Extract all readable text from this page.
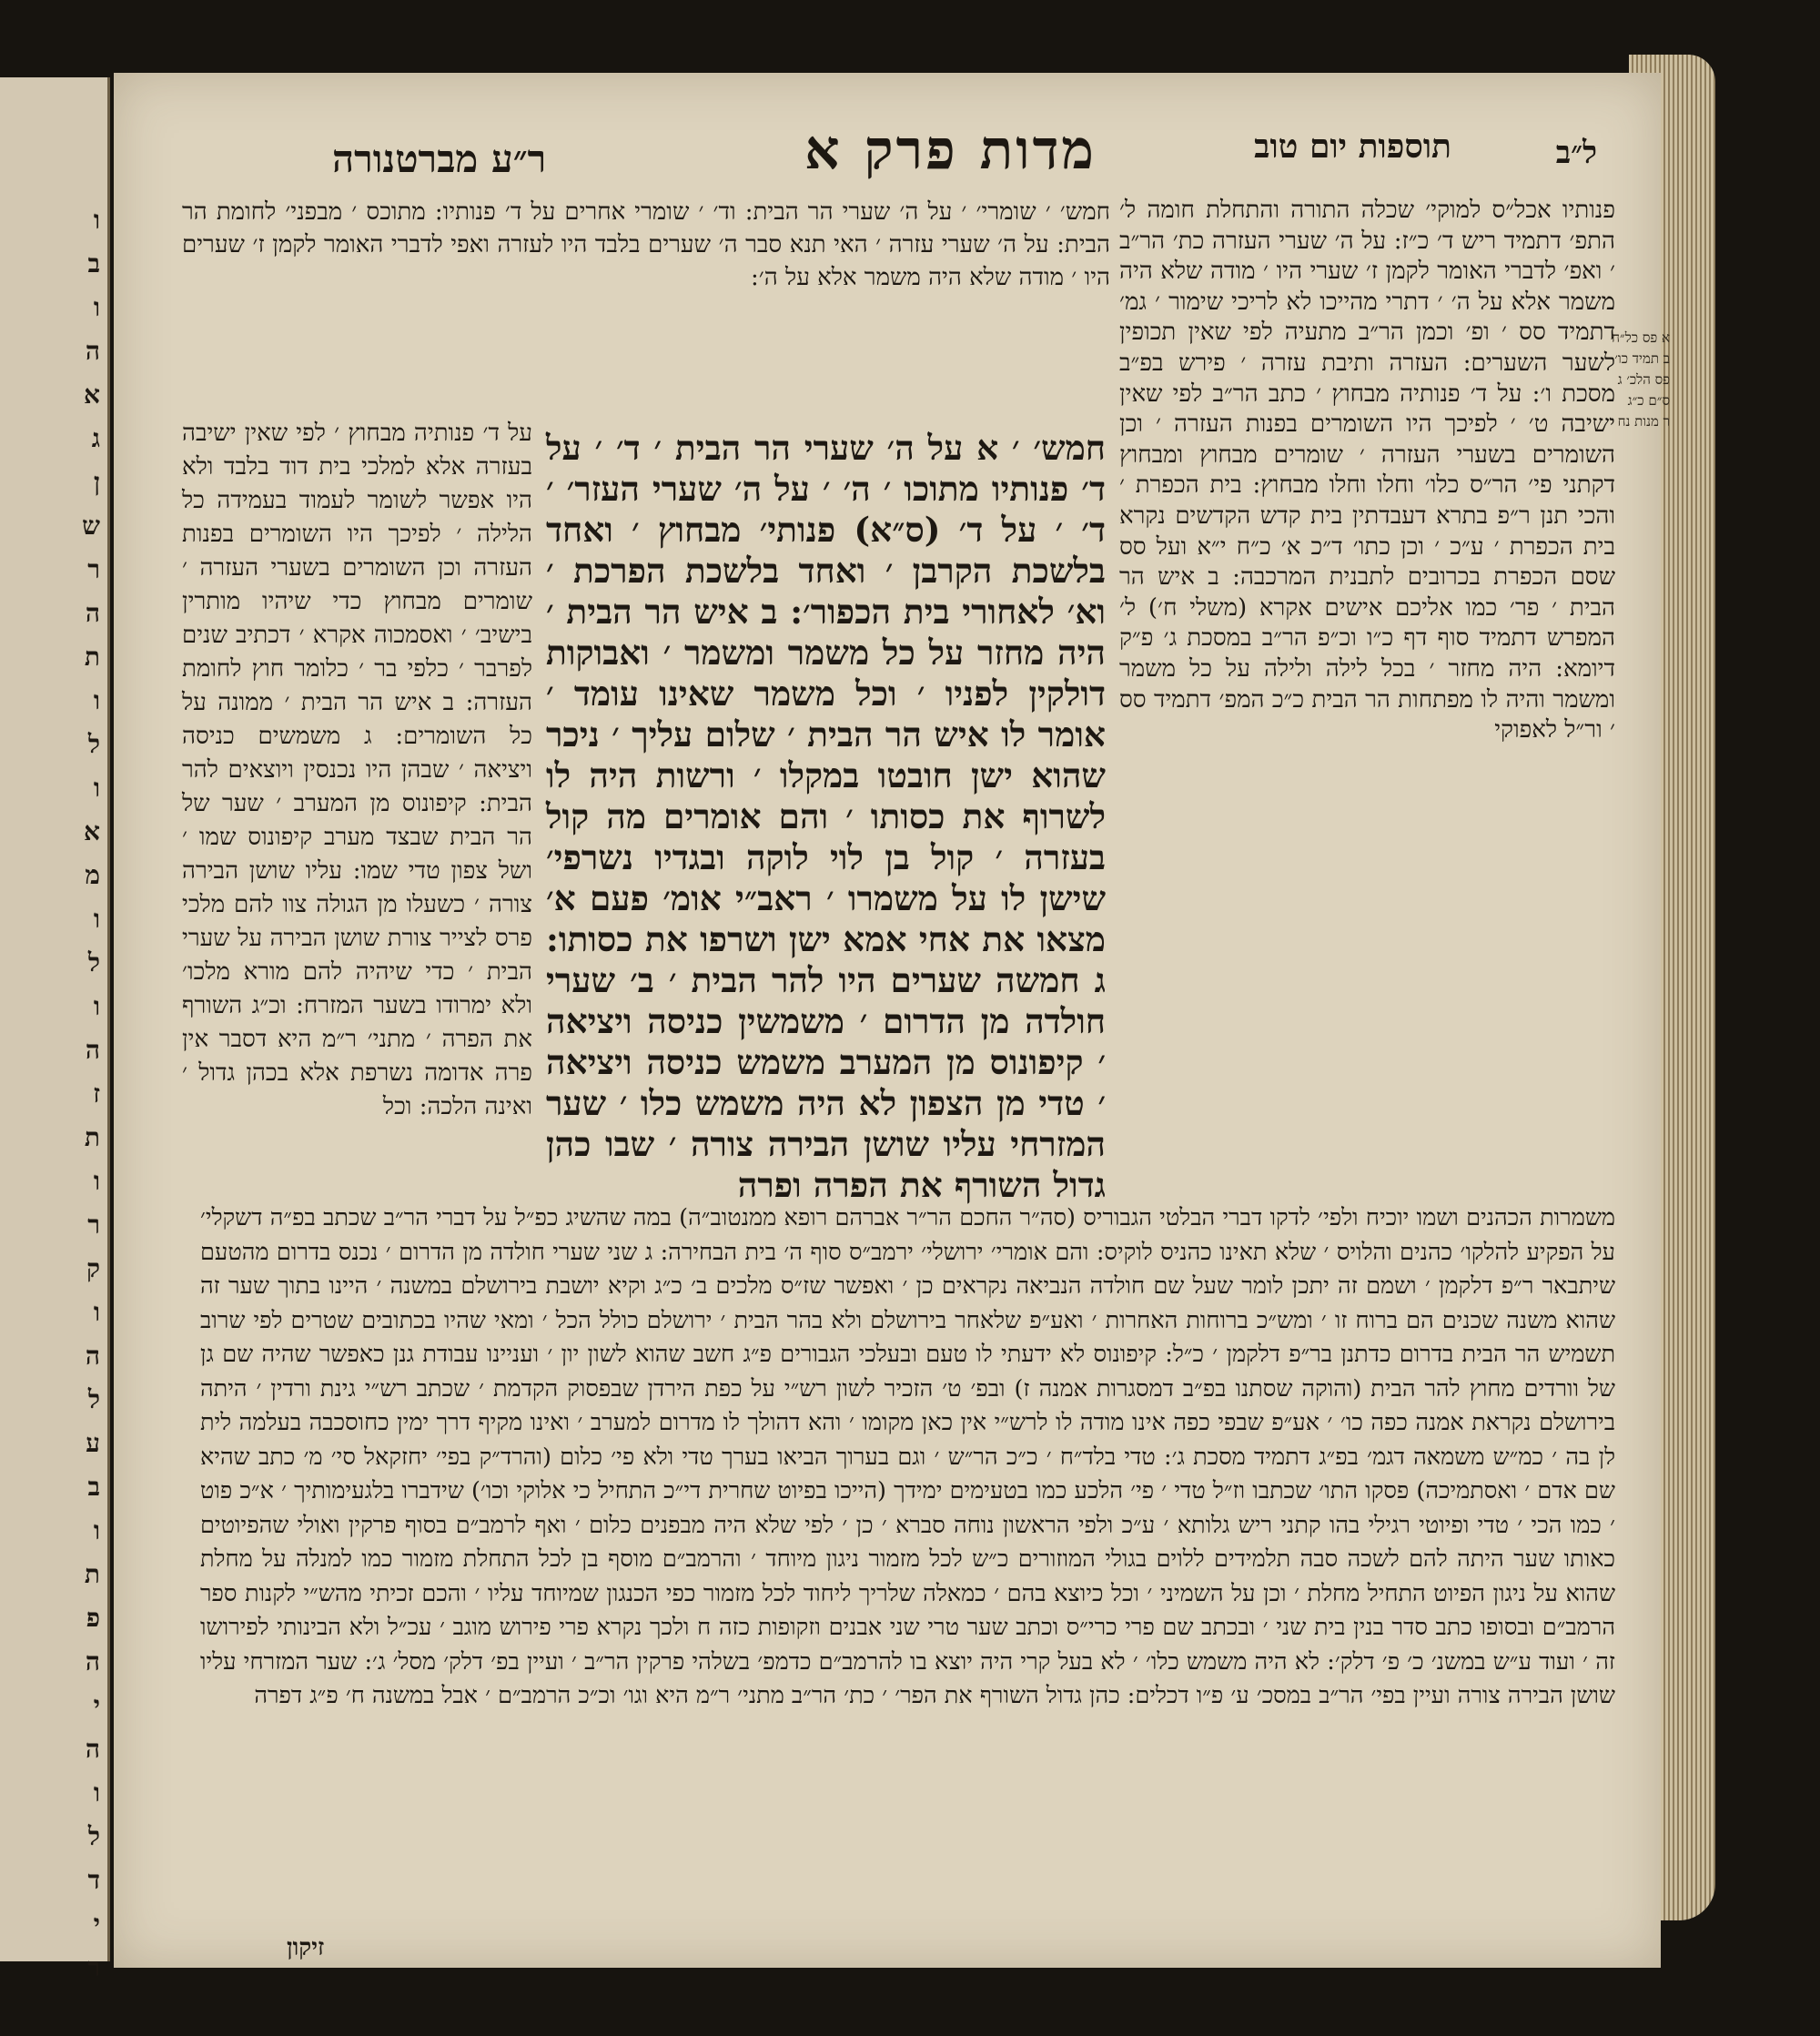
ו
ב
ו
ה
א
ג
ן
ש
ר
ה
ת
ו
ל
ו
א
מ
ו
ל
ו
ה
ז
ת
ו
ר
ק
ו
ה
ל
ע
ב
ו
ת
פ
ה
י
ה
ו
ל
ד
י
ר
ל״ב
תוספות יום טוב
מדות פרק א
ר״ע מברטנורה
פנותיו אכל״ס למוקי׳ שכלה התורה והתחלת חומה ל׳ התפ׳ דתמיד ריש ד׳ כ״ז: על ה׳ שערי העזרה כת׳ הר״ב ׳ ואפ׳ לדברי האומר לקמן ז׳ שערי היו ׳ מודה שלא היה משמר אלא על ה׳ ׳ דתרי מהייכו לא לריכי שימור ׳ גמ׳ דתמיד סס ׳ ופ׳ וכמן הר״ב מתעיה לפי שאין תכופין לשער השערים: העזרה ותיבת עזרה ׳ פירש בפ״ב מסכת ו׳: על ד׳ פנותיה מבחוץ ׳ כתב הר״ב לפי שאין ישיבה ט׳ ׳ לפיכך היו השומרים בפנות העזרה ׳ וכן השומרים בשערי העזרה ׳ שומרים מבחוץ ומבחוץ דקתני פי׳ הר״ס כלו׳ וחלו וחלו מבחוץ: בית הכפרת ׳ והכי תנן ר״פ בתרא דעבדתין בית קדש הקדשים נקרא בית הכפרת ׳ ע״כ ׳ וכן כתו׳ ד״כ א׳ כ״ח י״א ועל סס שסם הכפרת בכרובים לתבנית המרכבה: ב איש הר הבית ׳ פר׳ כמו אליכם אישים אקרא (משלי ח׳) ל׳ המפרש דתמיד סוף דף כ״ו וכ״פ הר״ב במסכת ג׳ פ״ק דיומא: היה מחזר ׳ בכל לילה ולילה על כל משמר ומשמר והיה לו מפתחות הר הבית כ״כ המפ׳ דתמיד סס ׳ ור״ל לאפוקי
חמש׳ ׳ שומרי׳ ׳ על ה׳ שערי הר הבית: וד׳ ׳ שומרי אחרים על ד׳ פנותיו: מתוכס ׳ מבפני׳ לחומת הר הבית: על ה׳ שערי עזרה ׳ האי תנא סבר ה׳ שערים בלבד היו לעזרה ואפי לדברי האומר לקמן ז׳ שערים היו ׳ מודה שלא היה משמר אלא על ה׳:
חמש׳ ׳ א על ה׳ שערי הר הבית ׳ ד׳ ׳ על ד׳ פנותיו מתוכו ׳ ה׳ ׳ על ה׳ שערי העזר׳ ׳ ד׳ ׳ על ד׳ (ס״א) פנותי׳ מבחוץ ׳ ואחד בלשכת הקרבן ׳ ואחד בלשכת הפרכת ׳ וא׳ לאחורי בית הכפור׳: ב איש הר הבית ׳ היה מחזר על כל משמר ומשמר ׳ ואבוקות דולקין לפניו ׳ וכל משמר שאינו עומד ׳ אומר לו איש הר הבית ׳ שלום עליך ׳ ניכר שהוא ישן חובטו במקלו ׳ ורשות היה לו לשרוף את כסותו ׳ והם אומרים מה קול בעזרה ׳ קול בן לוי לוקה ובגדיו נשרפי׳ שישן לו על משמרו ׳ ראב״י אומ׳ פעם א׳ מצאו את אחי אמא ישן ושרפו את כסותו: ג חמשה שערים היו להר הבית ׳ ב׳ שערי חולדה מן הדרום ׳ משמשין כניסה ויציאה ׳ קיפונוס מן המערב משמש כניסה ויציאה ׳ טדי מן הצפון לא היה משמש כלו ׳ שער המזרחי עליו שושן הבירה צורה ׳ שבו כהן גדול השורף את הפרה ופרה
על ד׳ פנותיה מבחוץ ׳ לפי שאין ישיבה בעזרה אלא למלכי בית דוד בלבד ולא היו אפשר לשומר לעמוד בעמידה כל הלילה ׳ לפיכך היו השומרים בפנות העזרה וכן השומרים בשערי העזרה ׳ שומרים מבחוץ כדי שיהיו מותרין בישיב׳ ׳ ואסמכוה אקרא ׳ דכתיב שנים לפרבר ׳ כלפי בר ׳ כלומר חוץ לחומת העזרה: ב איש הר הבית ׳ ממונה על כל השומרים: ג משמשים כניסה ויציאה ׳ שבהן היו נכנסין ויוצאים להר הבית: קיפונוס מן המערב ׳ שער של הר הבית שבצד מערב קיפונוס שמו ׳ ושל צפון טדי שמו: עליו שושן הבירה צורה ׳ כשעלו מן הגולה צוו להם מלכי פרס לצייר צורת שושן הבירה על שערי הבית ׳ כדי שיהיה להם מורא מלכו׳ ולא ימרודו בשער המזרח: וכ״ג השורף את הפרה ׳ מתני׳ ר״מ היא דסבר אין פרה אדומה נשרפת אלא בכהן גדול ׳ ואינה הלכה: וכל
משמרות הכהנים ושמו יוכיח ולפי׳ לדקו דברי הבלטי הגבוריס (סה״ר החכם הר״ר אברהם רופא ממנטוב״ה) במה שהשיג כפ״ל על דברי הר״ב שכתב בפ״ה דשקלי׳ על הפקיע להלקו׳ כהנים והלויס ׳ שלא תאינו כהניס לוקיס: והם אומרי׳ ירושלי׳ ירמב״ס סוף ה׳ בית הבחירה: ג שני שערי חולדה מן הדרום ׳ נכנס בדרום מהטעם שיתבאר ר״פ דלקמן ׳ ושמם זה יתכן לומר שעל שם חולדה הנביאה נקראים כן ׳ ואפשר שז״ס מלכים ב׳ כ״ג וקיא יושבת בירושלם במשנה ׳ היינו בתוך שער זה שהוא משנה שכנים הם ברוח זו ׳ ומש״כ ברוחות האחרות ׳ ואע״פ שלאחר בירושלם ולא בהר הבית ׳ ירושלם כולל הכל ׳ ומאי שהיו בכתובים שטרים לפי שרוב תשמיש הר הבית בדרום כדתנן בר״פ דלקמן ׳ כ״ל: קיפונוס לא ידעתי לו טעם ובעלכי הגבורים פ״ג חשב שהוא לשון יון ׳ ועניינו עבודת גנן כאפשר שהיה שם גן של וורדים מחוץ להר הבית (והוקה שסתנו בפ״ב דמסגרות אמנה ז) ובפ׳ ט׳ הזכיר לשון רש״י על כפת הירדן שבפסוק הקדמת ׳ שכתב רש״י גינת ורדין ׳ היתה בירושלם נקראת אמנה כפה כו׳ ׳ אע״פ שבפי כפה אינו מודה לו לרש״י אין כאן מקומו ׳ והא דהולך לו מדרום למערב ׳ ואינו מקיף דרך ימין כחוסכבה בעלמה לית לן בה ׳ כמ״ש משמאה דגמ׳ בפ״ג דתמיד מסכת ג׳: טדי בלד״ח ׳ כ״כ הר״ש ׳ וגם בערוך הביאו בערך טדי ולא פי׳ כלום (והרד״ק בפי׳ יחזקאל סי׳ מ׳ כתב שהיא שם אדם ׳ ואסתמיכה) פסקו התו׳ שכתבו וז״ל טדי ׳ פי׳ הלכע כמו בטעימים ימידך (הייכו בפיוט שחרית די״כ התחיל כי אלוקי וכו׳) שידברו בלגעימותיך ׳ א״כ פוט ׳ כמו הכי ׳ טדי ופיוטי רגילי בהו קתני ריש גלותא ׳ ע״כ ולפי הראשון נוחה סברא ׳ כן ׳ לפי שלא היה מבפנים כלום ׳ ואף לרמב״ם בסוף פרקין ואולי שהפיוטים כאותו שער היתה להם לשכה סבה תלמידים ללוים בגולי המוזורים כ״ש לכל מזמור ניגון מיוחד ׳ והרמב״ם מוסף בן לכל התחלת מזמור כמו למנלה על מחלת שהוא על ניגון הפיוט התחיל מחלת ׳ וכן על השמיני ׳ וכל כיוצא בהם ׳ כמאלה שלריך ליחוד לכל מזמור כפי הכנגון שמיוחד עליו ׳ והכם זכיתי מהש״י לקנות ספר הרמב״ם ובסופו כתב סדר בנין בית שני ׳ ובכתב שם פרי כרי״ס וכתב שער טרי שני אבנים וזקופות כזה ח ולכך נקרא פרי פירוש מוגב ׳ עכ״ל ולא הבינותי לפירושו זה ׳ ועוד ע״ש במשנ׳ כ׳ פ׳ דלק׳: לא היה משמש כלו׳ ׳ לא בעל קרי היה יוצא בו להרמב״ם כדמפ׳ בשלהי פרקין הר״ב ׳ ועיין בפ׳ דלק׳ מסל׳ ג׳: שער המזרחי עליו שושן הבירה צורה ועיין בפי׳ הר״ב במסכ׳ ע׳ פ״ו דכלים: כהן גדול השורף את הפר׳ ׳ כת׳ הר״ב מתני׳ ר״מ היא וגו׳ וכ״כ הרמב״ם ׳ אבל במשנה ח׳ פ״ג דפרה
זיקון
א פס כל״ח
ב תמיד כו׳
פס הלכ׳ ג
ס״ם כ״ג
ר מנות נח
